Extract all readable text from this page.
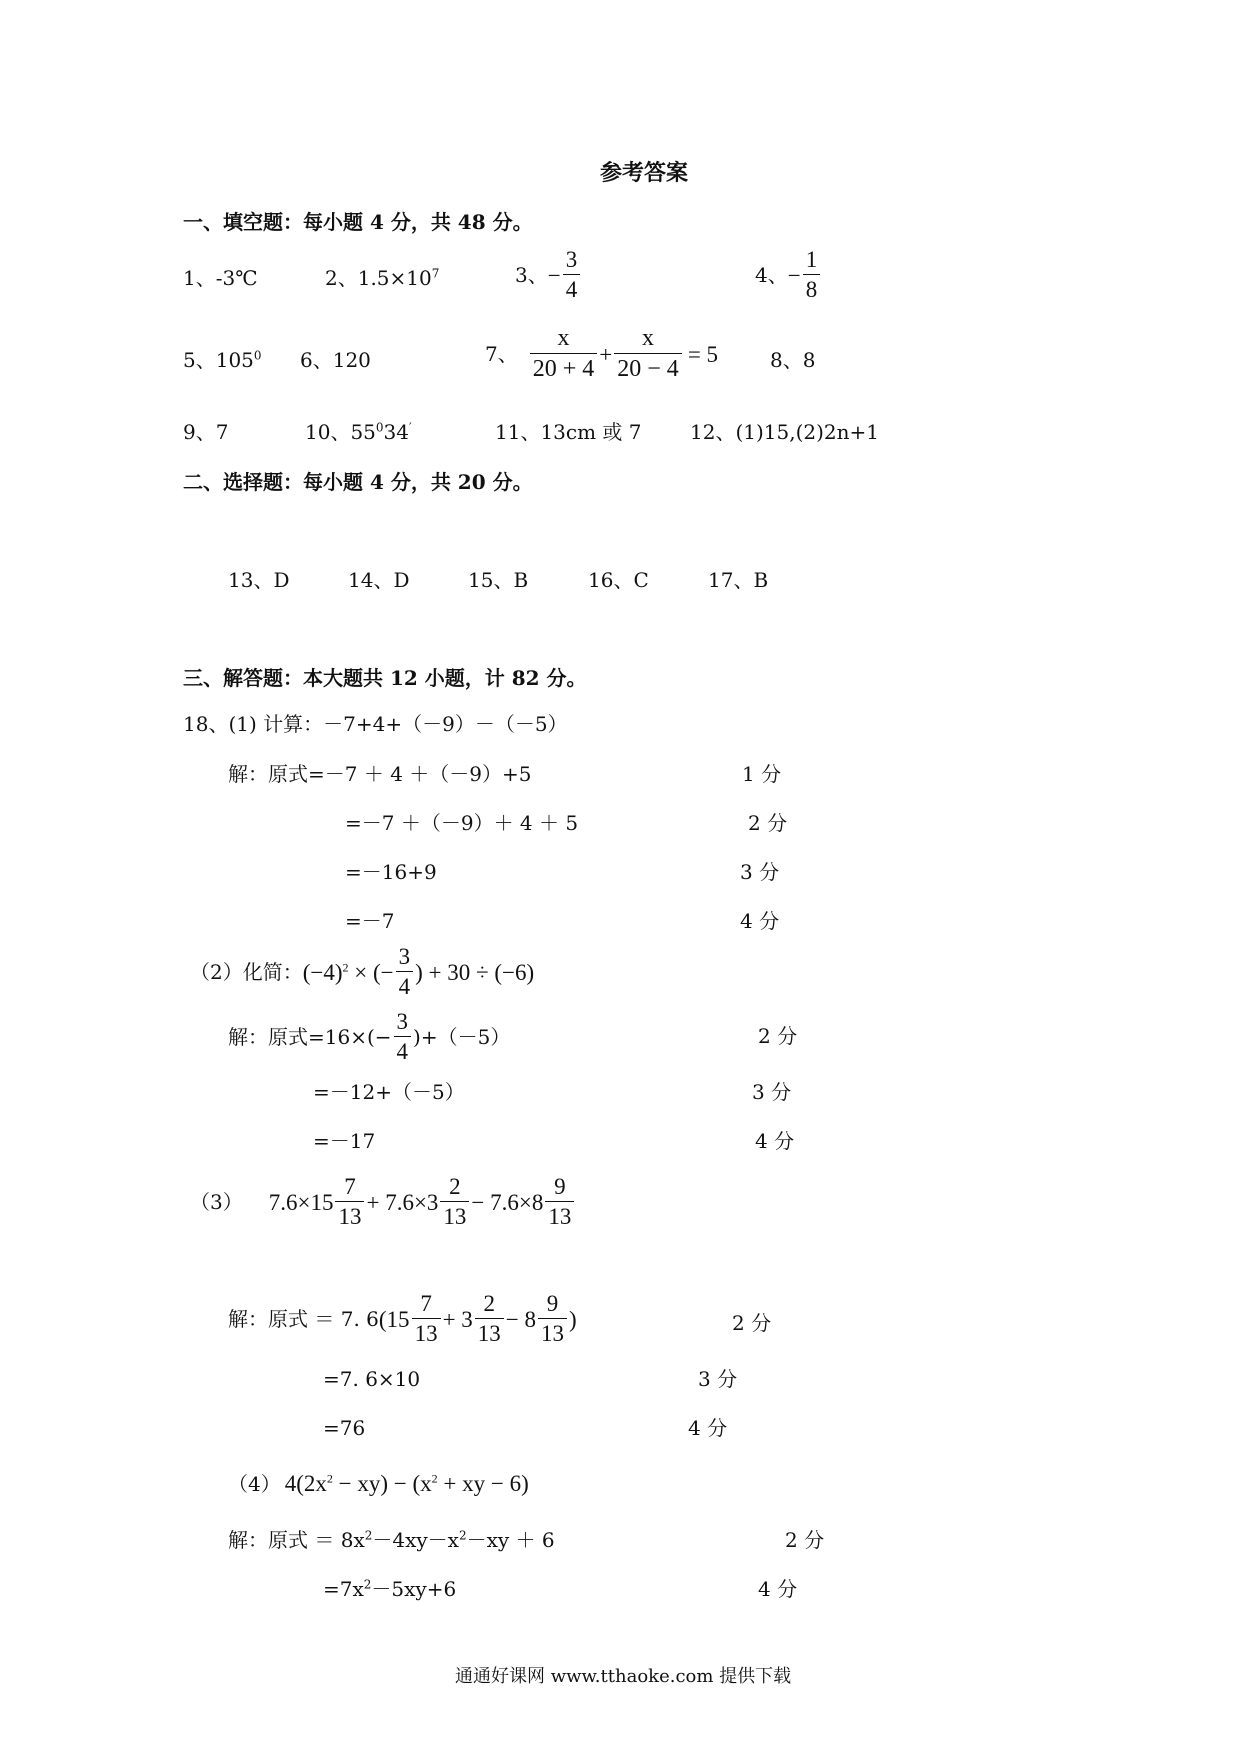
参考答案
一、填空题：每小题 4 分，共 48 分。
1、-3℃	2、$1.5\times 10^7$	3、 − $\frac{3}{4}$	4、 − $\frac{1}{8}$
5、$105^0$ 6、120	7、 $\frac{x}{20 + 4} + \frac{x}{20 - 4} = 5$	8、8
9、7	10、$55^034'$	11、13cm 或 7 12、(1)15,(2)2n+1
二、选择题：每小题 4 分，共 20 分。
13、D	14、D	15、B	16、C	17、B
三、解答题：本大题共 12 小题，计 82 分。
18、(1) 计算：－7+4+（－9）－（－5）
解：原式=－7 ＋ 4 ＋（－9）+5	1 分
=－7 ＋（－9）＋ 4 ＋ 5	2 分
=－16+9	3 分
=－7	4 分
（2）化简： $(-4)^2$ × (− $\frac{3}{4}$ ) + 30 ÷ (−6)
解：原式$=16\times(- \frac{3}{4} )+(-5)$	2 分
=－12+（－5）	3 分
=－17	4 分
（3） $7.6\times 15 \frac{7}{13} + 7.6\times 3 \frac{2}{13} - 7.6\times 8 \frac{9}{13}$
解：原式 ＝ 7. 6 ($15 \frac{7}{13} + 3 \frac{2}{13} - 8 \frac{9}{13}$ )	2 分
=7. 6×10	3 分
=76	4 分
（4） $4(2x^2 - xy) - (x^2$ + xy − 6)
解：原式 ＝ $8x^2-4xy-x^2-xy + 6$	2 分
$=7x^2-5xy+6$	4 分
通通好课网 www.tthaoke.com 提供下载
